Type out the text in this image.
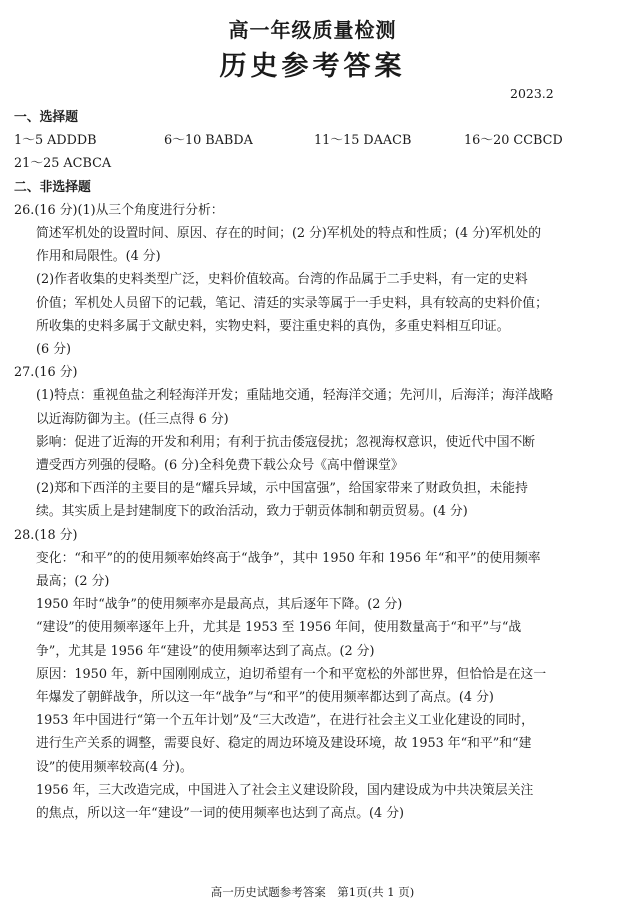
高一年级质量检测
历史参考答案
2023.2
一、选择题
1～5 ADDDB	6～10 BABDA	11～15 DAACB	16～20 CCBCD
21～25 ACBCA
二、非选择题
26.(16 分)(1)从三个角度进行分析：
简述军机处的设置时间、原因、存在的时间；(2 分)军机处的特点和性质；(4 分)军机处的
作用和局限性。(4 分)
(2)作者收集的史料类型广泛，史料价值较高。台湾的作品属于二手史料，有一定的史料
价值；军机处人员留下的记载，笔记、清廷的实录等属于一手史料，具有较高的史料价值；
所收集的史料多属于文献史料，实物史料，要注重史料的真伪，多重史料相互印证。
(6 分)
27.(16 分)
(1)特点：重视鱼盐之利轻海洋开发；重陆地交通，轻海洋交通；先河川，后海洋；海洋战略
以近海防御为主。(任三点得 6 分)
影响：促进了近海的开发和利用；有利于抗击倭寇侵扰；忽视海权意识，使近代中国不断
遭受西方列强的侵略。(6 分)全科免费下载公众号《高中僧课堂》
(2)郑和下西洋的主要目的是“耀兵异域，示中国富强”，给国家带来了财政负担，未能持
续。其实质上是封建制度下的政治活动，致力于朝贡体制和朝贡贸易。(4 分)
28.(18 分)
变化：“和平”的的使用频率始终高于“战争”，其中 1950 年和 1956 年“和平”的使用频率
最高；(2 分)
1950 年时“战争”的使用频率亦是最高点，其后逐年下降。(2 分)
“建设”的使用频率逐年上升，尤其是 1953 至 1956 年间，使用数量高于“和平”与“战
争”，尤其是 1956 年“建设”的使用频率达到了高点。(2 分)
原因：1950 年，新中国刚刚成立，迫切希望有一个和平宽松的外部世界，但恰恰是在这一
年爆发了朝鲜战争，所以这一年“战争”与“和平”的使用频率都达到了高点。(4 分)
1953 年中国进行“第一个五年计划”及“三大改造”，在进行社会主义工业化建设的同时，
进行生产关系的调整，需要良好、稳定的周边环境及建设环境，故 1953 年“和平”和“建
设”的使用频率较高(4 分)。
1956 年，三大改造完成，中国进入了社会主义建设阶段，国内建设成为中共决策层关注
的焦点，所以这一年“建设”一词的使用频率也达到了高点。(4 分)
高一历史试题参考答案　第1页(共 1 页)
